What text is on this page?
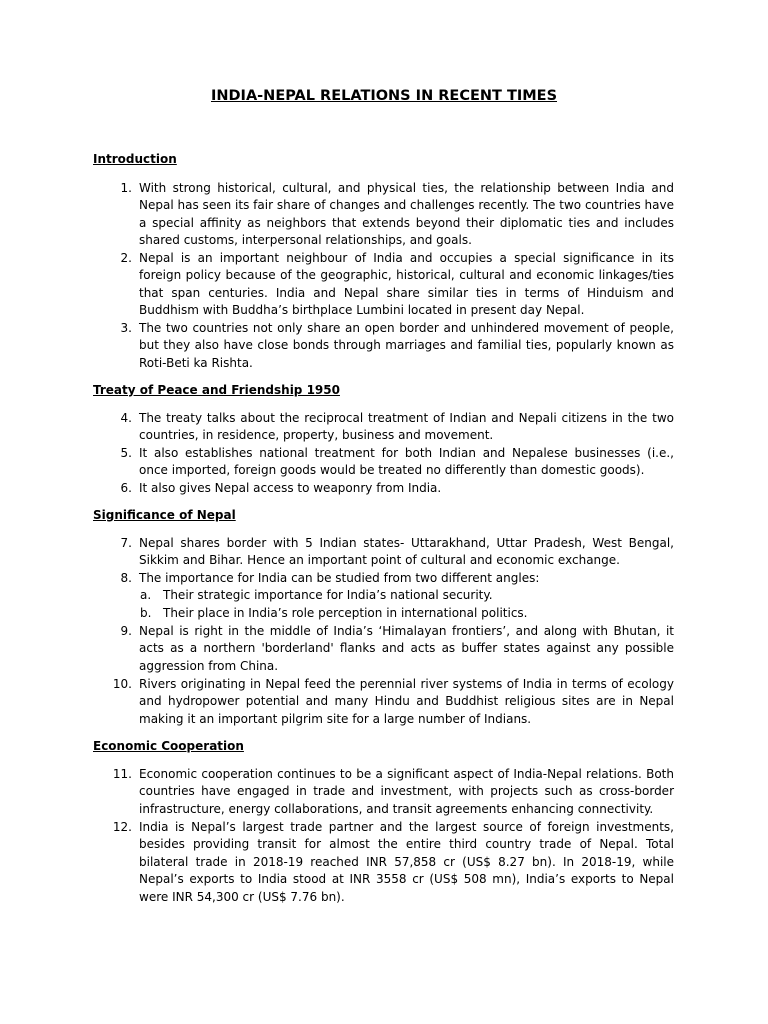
INDIA-NEPAL RELATIONS IN RECENT TIMES
Introduction
1. With strong historical, cultural, and physical ties, the relationship between India and Nepal has seen its fair share of changes and challenges recently. The two countries have a special affinity as neighbors that extends beyond their diplomatic ties and includes shared customs, interpersonal relationships, and goals.
2. Nepal is an important neighbour of India and occupies a special significance in its foreign policy because of the geographic, historical, cultural and economic linkages/ties that span centuries. India and Nepal share similar ties in terms of Hinduism and Buddhism with Buddha’s birthplace Lumbini located in present day Nepal.
3. The two countries not only share an open border and unhindered movement of people, but they also have close bonds through marriages and familial ties, popularly known as Roti-Beti ka Rishta.
Treaty of Peace and Friendship 1950
4. The treaty talks about the reciprocal treatment of Indian and Nepali citizens in the two countries, in residence, property, business and movement.
5. It also establishes national treatment for both Indian and Nepalese businesses (i.e., once imported, foreign goods would be treated no differently than domestic goods).
6. It also gives Nepal access to weaponry from India.
Significance of Nepal
7. Nepal shares border with 5 Indian states- Uttarakhand, Uttar Pradesh, West Bengal, Sikkim and Bihar. Hence an important point of cultural and economic exchange.
8. The importance for India can be studied from two different angles:
a. Their strategic importance for India’s national security.
b. Their place in India’s role perception in international politics.
9. Nepal is right in the middle of India’s ‘Himalayan frontiers’, and along with Bhutan, it acts as a northern 'borderland' flanks and acts as buffer states against any possible aggression from China.
10. Rivers originating in Nepal feed the perennial river systems of India in terms of ecology and hydropower potential and many Hindu and Buddhist religious sites are in Nepal making it an important pilgrim site for a large number of Indians.
Economic Cooperation
11. Economic cooperation continues to be a significant aspect of India-Nepal relations. Both countries have engaged in trade and investment, with projects such as cross-border infrastructure, energy collaborations, and transit agreements enhancing connectivity.
12. India is Nepal’s largest trade partner and the largest source of foreign investments, besides providing transit for almost the entire third country trade of Nepal. Total bilateral trade in 2018-19 reached INR 57,858 cr (US$ 8.27 bn). In 2018-19, while Nepal’s exports to India stood at INR 3558 cr (US$ 508 mn), India’s exports to Nepal were INR 54,300 cr (US$ 7.76 bn).
